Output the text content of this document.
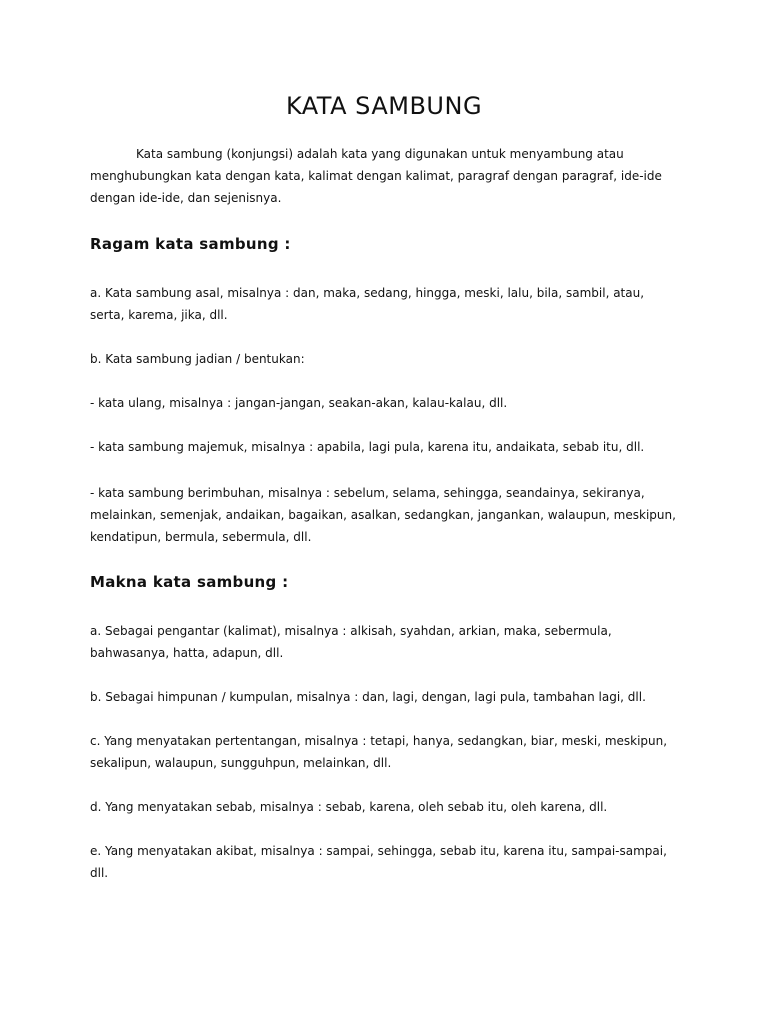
KATA SAMBUNG

Kata sambung (konjungsi) adalah kata yang digunakan untuk menyambung atau menghubungkan kata dengan kata, kalimat dengan kalimat, paragraf dengan paragraf, ide-ide dengan ide-ide, dan sejenisnya.

Ragam kata sambung :

a. Kata sambung asal, misalnya : dan, maka, sedang, hingga, meski, lalu, bila, sambil, atau, serta, karema, jika, dll.

b. Kata sambung jadian / bentukan:

- kata ulang, misalnya : jangan-jangan, seakan-akan, kalau-kalau, dll.

- kata sambung majemuk, misalnya : apabila, lagi pula, karena itu, andaikata, sebab itu, dll.

- kata sambung berimbuhan, misalnya : sebelum, selama, sehingga, seandainya, sekiranya, melainkan, semenjak, andaikan, bagaikan, asalkan, sedangkan, jangankan, walaupun, meskipun, kendatipun, bermula, sebermula, dll.

Makna kata sambung :

a. Sebagai pengantar (kalimat), misalnya : alkisah, syahdan, arkian, maka, sebermula, bahwasanya, hatta, adapun, dll.

b. Sebagai himpunan / kumpulan, misalnya : dan, lagi, dengan, lagi pula, tambahan lagi, dll.

c. Yang menyatakan pertentangan, misalnya : tetapi, hanya, sedangkan, biar, meski, meskipun, sekalipun, walaupun, sungguhpun, melainkan, dll.

d. Yang menyatakan sebab, misalnya : sebab, karena, oleh sebab itu, oleh karena, dll.

e. Yang menyatakan akibat, misalnya : sampai, sehingga, sebab itu, karena itu, sampai-sampai, dll.
